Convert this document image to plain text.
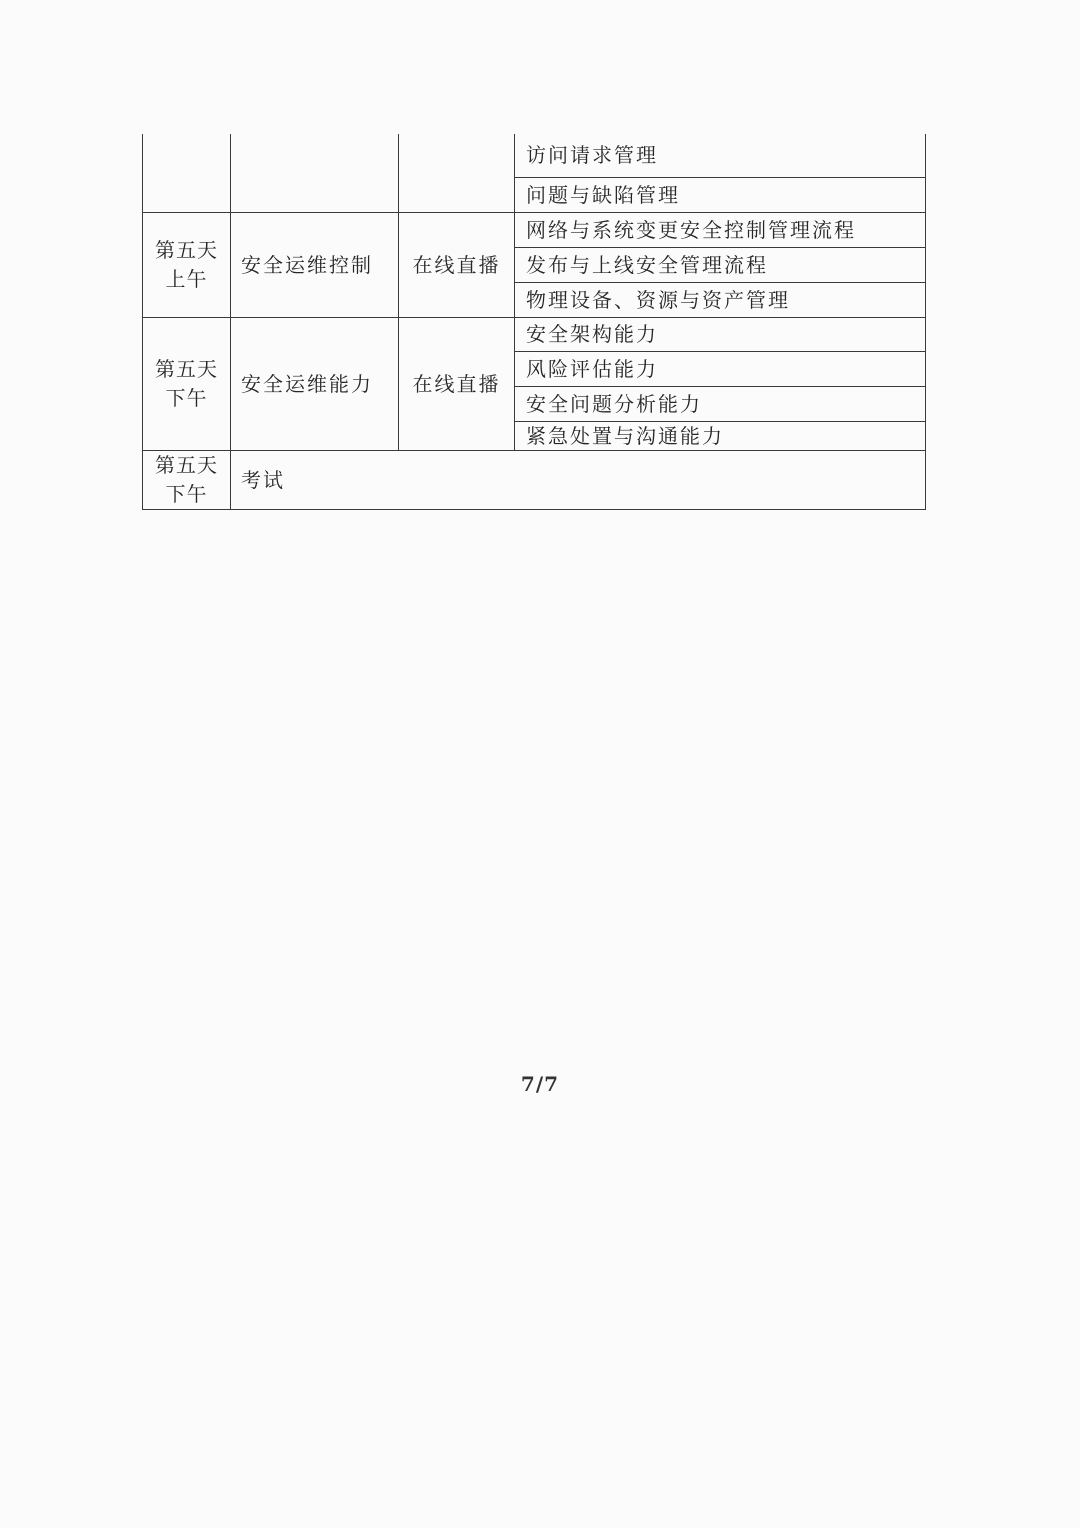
			访问请求管理
			问题与缺陷管理

第五天
上午	安全运维控制	在线直播	网络与系统变更安全控制管理流程
			发布与上线安全管理流程
			物理设备、资源与资产管理

第五天
下午	安全运维能力	在线直播	安全架构能力
			风险评估能力
			安全问题分析能力
			紧急处置与沟通能力

第五天
下午	考试		
7/7
